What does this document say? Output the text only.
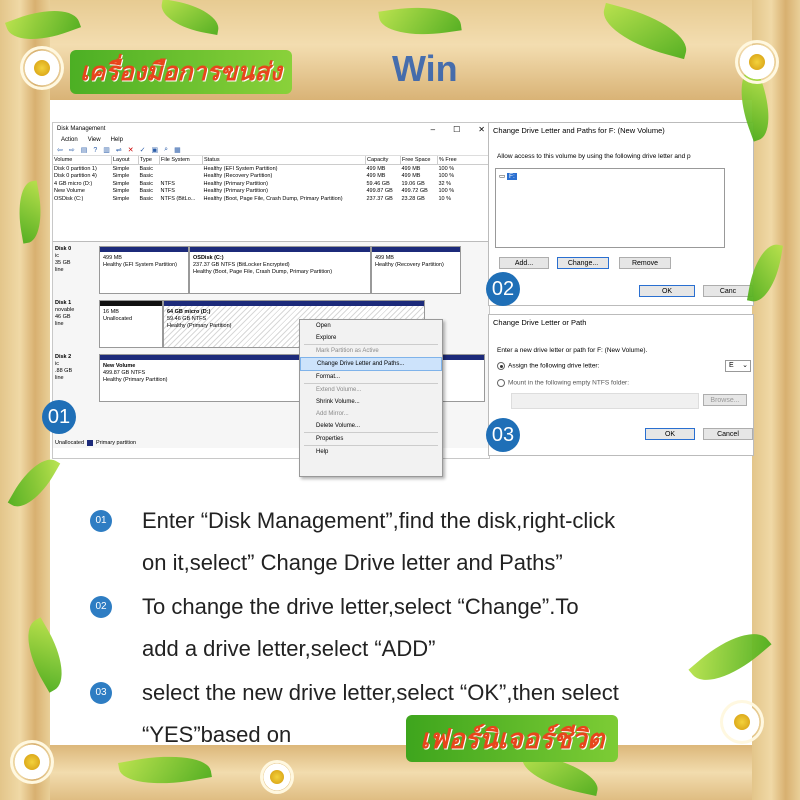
Disk Management	– ☐ ✕
Action View Help
⇦ ⇨ ▤ ? ▥ ⇌ ✕ ✓ ▣ ⌕ ▦
Volume	Layout	Type	File System	Status	Capacity	Free Space	% Free
Disk 0 partition 1)	Simple	Basic		Healthy (EFI System Partition)	499 MB	499 MB	100 %
Disk 0 partition 4)	Simple	Basic		Healthy (Recovery Partition)	499 MB	499 MB	100 %
4 GB micro (D:)	Simple	Basic	NTFS	Healthy (Primary Partition)	59.46 GB	19.06 GB	32 %
New Volume	Simple	Basic	NTFS	Healthy (Primary Partition)	499.87 GB	499.72 GB	100 %
OSDisk (C:)	Simple	Basic	NTFS (BitLo...	Healthy (Boot, Page File, Crash Dump, Primary Partition)	237.37 GB	23.28 GB	10 %
Disk 0
ic
35 GB
line
499 MB
Healthy (EFI System Partition)
OSDisk (C:)
237.37 GB NTFS (BitLocker Encrypted)
Healthy (Boot, Page File, Crash Dump, Primary Partition)
499 MB
Healthy (Recovery Partition)
Disk 1
novable
46 GB
line
16 MB
Unallocated
64 GB micro (D:)
59.46 GB NTFS
Healthy (Primary Partition)
Disk 2
ic
.88 GB
line
New Volume
499.87 GB NTFS
Healthy (Primary Partition)
Unallocated Primary partition
Open
Explore
Mark Partition as Active
Change Drive Letter and Paths...
Format...
Extend Volume...
Shrink Volume...
Add Mirror...
Delete Volume...
Properties
Help
01
Change Drive Letter and Paths for F: (New Volume)
Allow access to this volume by using the following drive letter and p
▭ F:
Add...	Change...	Remove
OK	Canc
02
Change Drive Letter or Path
Enter a new drive letter or path for F: (New Volume).
Assign the following drive letter:	E ⌄
Mount in the following empty NTFS folder:
Browse...
OK	Cancel
03
01 Enter “Disk Management”,find the disk,right-click
on it,select” Change Drive letter and Paths”
02 To change the drive letter,select “Change”.To
add a drive letter,select “ADD”
03 select the new drive letter,select “OK”,then select
“YES”based on
เครื่องมือการขนส่ง	Win
เฟอร์นิเจอร์ชีวิต
